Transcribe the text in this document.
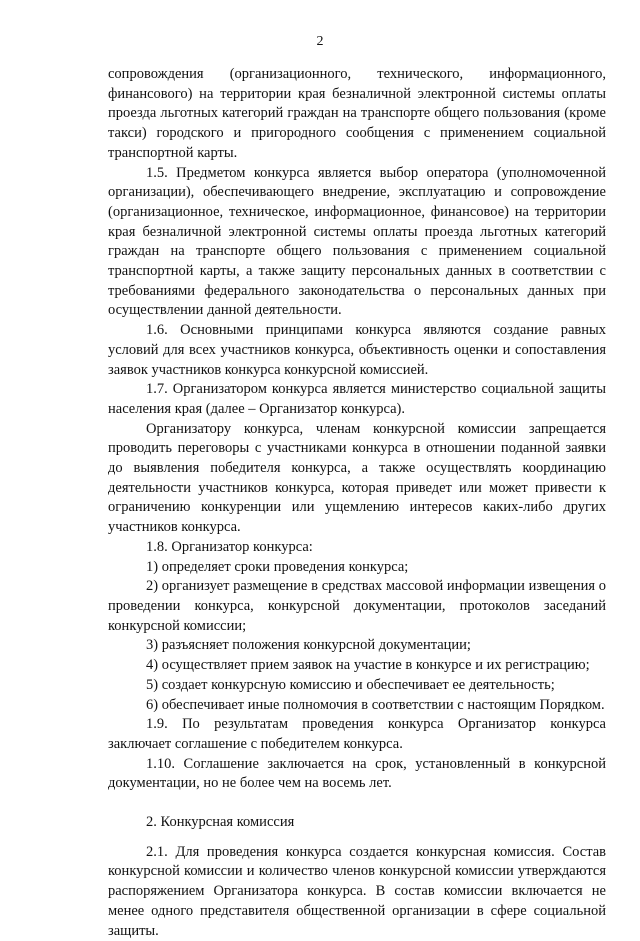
2

сопровождения (организационного, технического, информационного, финансового) на территории края безналичной электронной системы оплаты проезда льготных категорий граждан на транспорте общего пользования (кроме такси) городского и пригородного сообщения с применением социальной транспортной карты.

1.5. Предметом конкурса является выбор оператора (уполномоченной организации), обеспечивающего внедрение, эксплуатацию и сопровождение (организационное, техническое, информационное, финансовое) на территории края безналичной электронной системы оплаты проезда льготных категорий граждан на транспорте общего пользования с применением социальной транспортной карты, а также защиту персональных данных в соответствии с требованиями федерального законодательства о персональных данных при осуществлении данной деятельности.

1.6. Основными принципами конкурса являются создание равных условий для всех участников конкурса, объективность оценки и сопоставления заявок участников конкурса конкурсной комиссией.

1.7. Организатором конкурса является министерство социальной защиты населения края (далее – Организатор конкурса).

Организатору конкурса, членам конкурсной комиссии запрещается проводить переговоры с участниками конкурса в отношении поданной заявки до выявления победителя конкурса, а также осуществлять координацию деятельности участников конкурса, которая приведет или может привести к ограничению конкуренции или ущемлению интересов каких-либо других участников конкурса.

1.8. Организатор конкурса:

1) определяет сроки проведения конкурса;

2) организует размещение в средствах массовой информации извещения о проведении конкурса, конкурсной документации, протоколов заседаний конкурсной комиссии;

3) разъясняет положения конкурсной документации;

4) осуществляет прием заявок на участие в конкурсе и их регистрацию;

5) создает конкурсную комиссию и обеспечивает ее деятельность;

6) обеспечивает иные полномочия в соответствии с настоящим Порядком.

1.9. По результатам проведения конкурса Организатор конкурса заключает соглашение с победителем конкурса.

1.10. Соглашение заключается на срок, установленный в конкурсной документации, но не более чем на восемь лет.

2. Конкурсная комиссия

2.1. Для проведения конкурса создается конкурсная комиссия. Состав конкурсной комиссии и количество членов конкурсной комиссии утверждаются распоряжением Организатора конкурса. В состав комиссии включается не менее одного представителя общественной организации в сфере социальной защиты.
